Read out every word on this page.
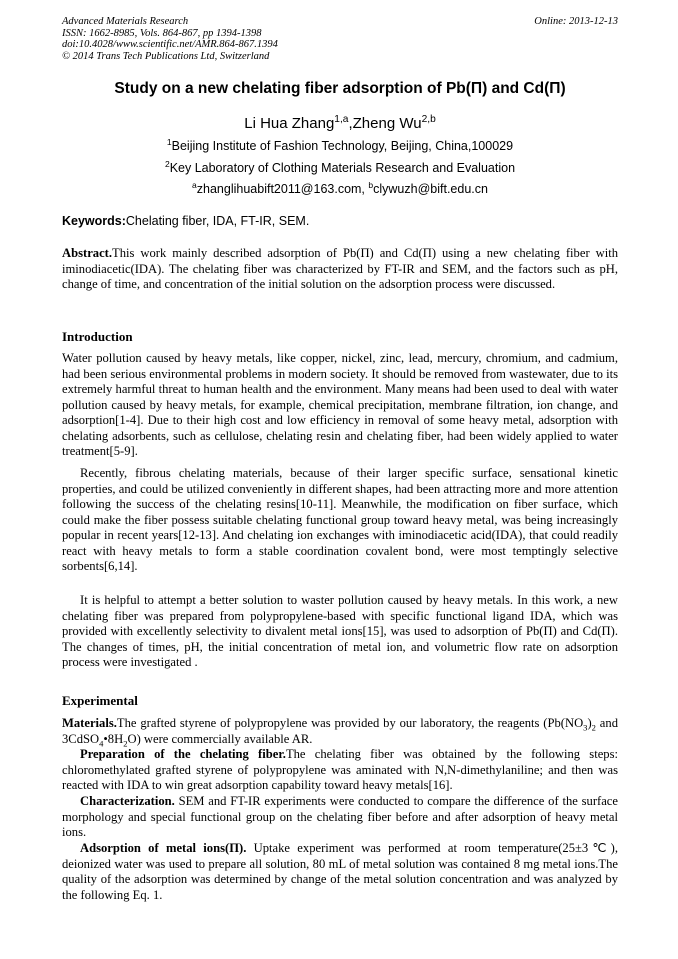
Advanced Materials Research
ISSN: 1662-8985, Vols. 864-867, pp 1394-1398
doi:10.4028/www.scientific.net/AMR.864-867.1394
© 2014 Trans Tech Publications Ltd, Switzerland
Online: 2013-12-13
Study on a new chelating fiber adsorption of Pb(Π) and Cd(Π)
Li Hua Zhang$^{1,a}$,Zheng Wu$^{2,b}$
$^1$Beijing Institute of Fashion Technology, Beijing, China,100029
$^2$Key Laboratory of Clothing Materials Research and Evaluation
$^a$zhanglihuabift2011@163.com, $^b$clywuzh@bift.edu.cn
Keywords:Chelating fiber, IDA, FT-IR, SEM.

Abstract.This work mainly described adsorption of Pb(Π) and Cd(Π) using a new chelating fiber with iminodiacetic(IDA). The chelating fiber was characterized by FT-IR and SEM, and the factors such as pH, change of time, and concentration of the initial solution on the adsorption process were discussed.

Introduction

Water pollution caused by heavy metals, like copper, nickel, zinc, lead, mercury, chromium, and cadmium, had been serious environmental problems in modern society. It should be removed from wastewater, due to its extremely harmful threat to human health and the environment. Many means had been used to deal with water pollution caused by heavy metals, for example, chemical precipitation, membrane filtration, ion change, and adsorption[1-4]. Due to their high cost and low efficiency in removal of some heavy metal, adsorption with chelating adsorbents, such as cellulose, chelating resin and chelating fiber, had been widely applied to water treatment[5-9].

Recently, fibrous chelating materials, because of their larger specific surface, sensational kinetic properties, and could be utilized conveniently in different shapes, had been attracting more and more attention following the success of the chelating resins[10-11]. Meanwhile, the modification on fiber surface, which could make the fiber possess suitable chelating functional group toward heavy metal, was being increasingly popular in recent years[12-13]. And chelating ion exchanges with iminodiacetic acid(IDA), that could readily react with heavy metals to form a stable coordination covalent bond, were most temptingly selective sorbents[6,14].

It is helpful to attempt a better solution to waster pollution caused by heavy metals. In this work, a new chelating fiber was prepared from polypropylene-based with specific functional ligand IDA, which was provided with excellently selectivity to divalent metal ions[15], was used to adsorption of Pb(Π) and Cd(Π). The changes of times, pH, the initial concentration of metal ion, and volumetric flow rate on adsorption process were investigated .

Experimental

Materials.The grafted styrene of polypropylene was provided by our laboratory, the reagents ($Pb(NO_3)_2$ and $3CdSO_4•8H_2O$) were commercially available AR.

Preparation of the chelating fiber.The chelating fiber was obtained by the following steps: chloromethylated grafted styrene of polypropylene was aminated with N,N-dimethylaniline; and then was reacted with IDA to win great adsorption capability toward heavy metals[16].

Characterization. SEM and FT-IR experiments were conducted to compare the difference of the surface morphology and special functional group on the chelating fiber before and after adsorption of heavy metal ions.

Adsorption of metal ions(Π). Uptake experiment was performed at room temperature(25±3℃), deionized water was used to prepare all solution, 80 mL of metal solution was contained 8 mg metal ions.The quality of the adsorption was determined by change of the metal solution concentration and was analyzed by the following Eq. 1.
